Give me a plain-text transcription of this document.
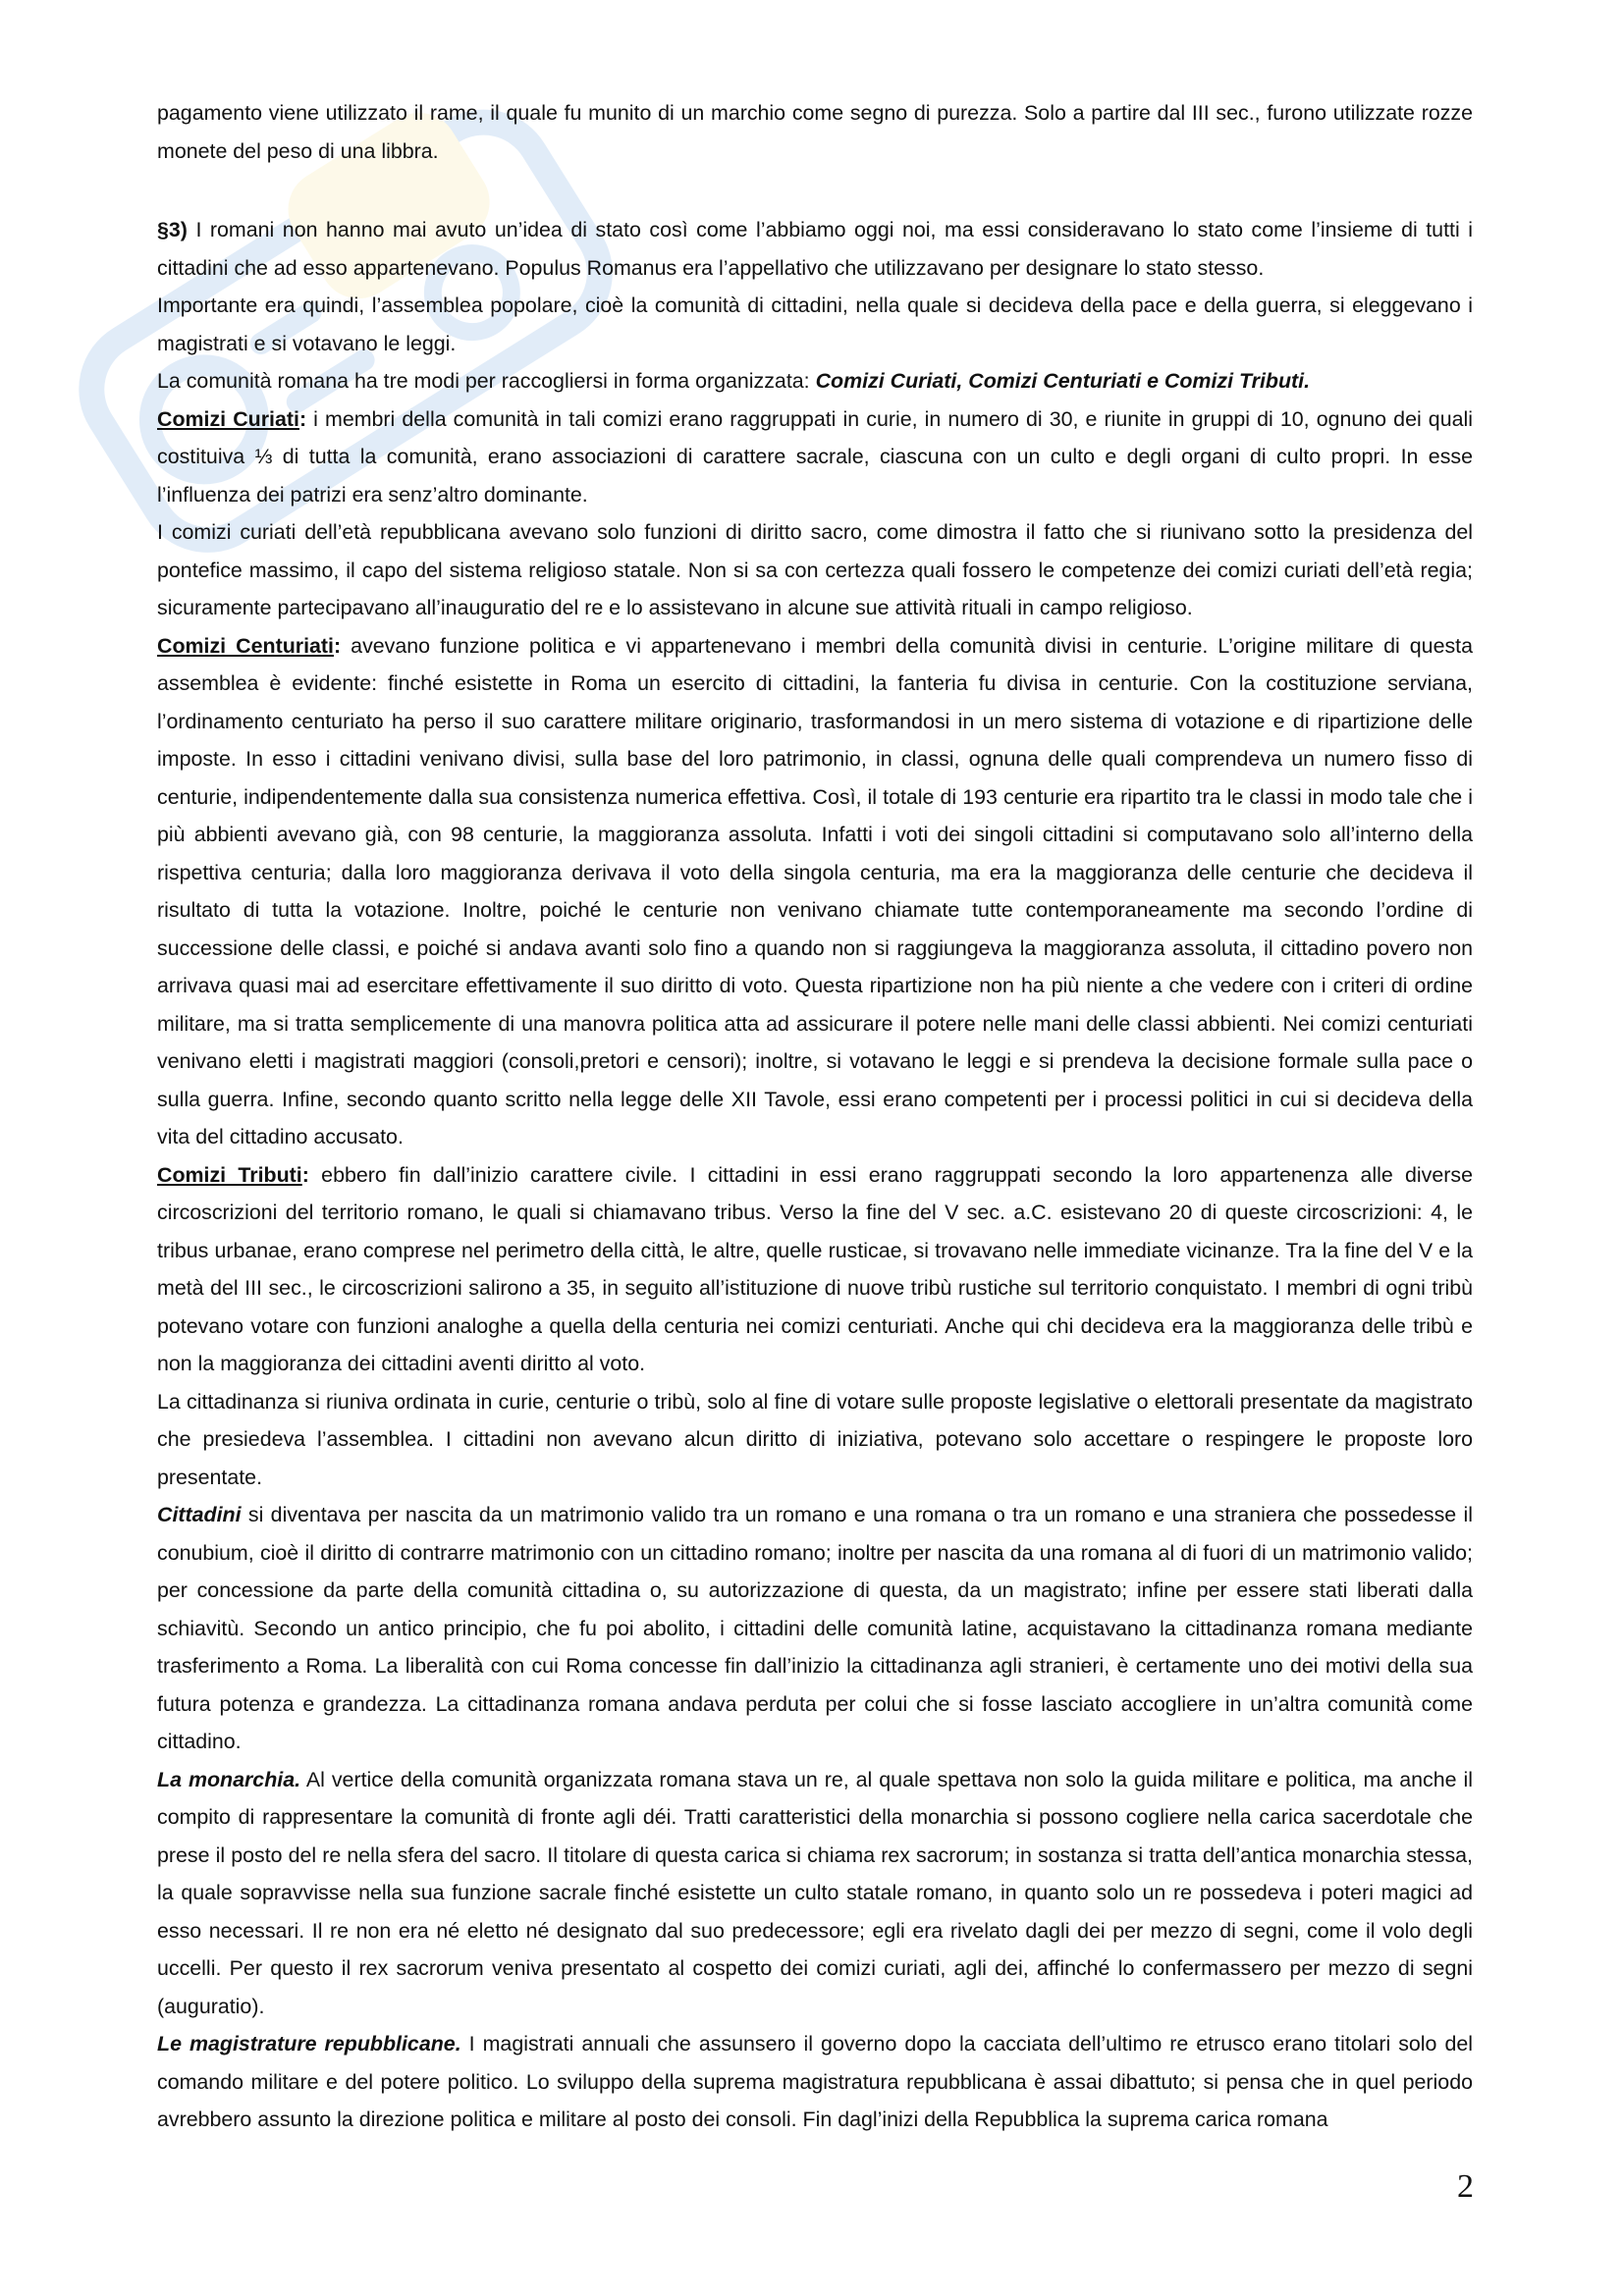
pagamento viene utilizzato il rame, il quale fu munito di un marchio come segno di purezza. Solo a partire dal III sec., furono utilizzate rozze monete del peso di una libbra.

§3) I romani non hanno mai avuto un’idea di stato così come l’abbiamo oggi noi, ma essi consideravano lo stato come l’insieme di tutti i cittadini che ad esso appartenevano. Populus Romanus era l’appellativo che utilizzavano per designare lo stato stesso.

Importante era quindi, l’assemblea popolare, cioè la comunità di cittadini, nella quale si decideva della pace e della guerra, si eleggevano i magistrati e si votavano le leggi.

La comunità romana ha tre modi per raccogliersi in forma organizzata: Comizi Curiati, Comizi Centuriati e Comizi Tributi.

Comizi Curiati: i membri della comunità in tali comizi erano raggruppati in curie, in numero di 30, e riunite in gruppi di 10, ognuno dei quali costituiva ⅓ di tutta la comunità, erano associazioni di carattere sacrale, ciascuna con un culto e degli organi di culto propri. In esse l’influenza dei patrizi era senz’altro dominante.

I comizi curiati dell’età repubblicana avevano solo funzioni di diritto sacro, come dimostra il fatto che si riunivano sotto la presidenza del pontefice massimo, il capo del sistema religioso statale. Non si sa con certezza quali fossero le competenze dei comizi curiati dell’età regia; sicuramente partecipavano all’inauguratio del re e lo assistevano in alcune sue attività rituali in campo religioso.

Comizi Centuriati: avevano funzione politica e vi appartenevano i membri della comunità divisi in centurie. L’origine militare di questa assemblea è evidente: finché esistette in Roma un esercito di cittadini, la fanteria fu divisa in centurie. Con la costituzione serviana, l’ordinamento centuriato ha perso il suo carattere militare originario, trasformandosi in un mero sistema di votazione e di ripartizione delle imposte. In esso i cittadini venivano divisi, sulla base del loro patrimonio, in classi, ognuna delle quali comprendeva un numero fisso di centurie, indipendentemente dalla sua consistenza numerica effettiva. Così, il totale di 193 centurie era ripartito tra le classi in modo tale che i più abbienti avevano già, con 98 centurie, la maggioranza assoluta. Infatti i voti dei singoli cittadini si computavano solo all’interno della rispettiva centuria; dalla loro maggioranza derivava il voto della singola centuria, ma era la maggioranza delle centurie che decideva il risultato di tutta la votazione. Inoltre, poiché le centurie non venivano chiamate tutte contemporaneamente ma secondo l’ordine di successione delle classi, e poiché si andava avanti solo fino a quando non si raggiungeva la maggioranza assoluta, il cittadino povero non arrivava quasi mai ad esercitare effettivamente il suo diritto di voto. Questa ripartizione non ha più niente a che vedere con i criteri di ordine militare, ma si tratta semplicemente di una manovra politica atta ad assicurare il potere nelle mani delle classi abbienti. Nei comizi centuriati venivano eletti i magistrati maggiori (consoli,pretori e censori); inoltre, si votavano le leggi e si prendeva la decisione formale sulla pace o sulla guerra. Infine, secondo quanto scritto nella legge delle XII Tavole, essi erano competenti per i processi politici in cui si decideva della vita del cittadino accusato.

Comizi Tributi: ebbero fin dall’inizio carattere civile. I cittadini in essi erano raggruppati secondo la loro appartenenza alle diverse circoscrizioni del territorio romano, le quali si chiamavano tribus. Verso la fine del V sec. a.C. esistevano 20 di queste circoscrizioni: 4, le tribus urbanae, erano comprese nel perimetro della città, le altre, quelle rusticae, si trovavano nelle immediate vicinanze. Tra la fine del V e la metà del III sec., le circoscrizioni salirono a 35, in seguito all’istituzione di nuove tribù rustiche sul territorio conquistato. I membri di ogni tribù potevano votare con funzioni analoghe a quella della centuria nei comizi centuriati. Anche qui chi decideva era la maggioranza delle tribù e non la maggioranza dei cittadini aventi diritto al voto.

La cittadinanza si riuniva ordinata in curie, centurie o tribù, solo al fine di votare sulle proposte legislative o elettorali presentate da magistrato che presiedeva l’assemblea. I cittadini non avevano alcun diritto di iniziativa, potevano solo accettare o respingere le proposte loro presentate.

Cittadini si diventava per nascita da un matrimonio valido tra un romano e una romana o tra un romano e una straniera che possedesse il conubium, cioè il diritto di contrarre matrimonio con un cittadino romano; inoltre per nascita da una romana al di fuori di un matrimonio valido; per concessione da parte della comunità cittadina o, su autorizzazione di questa, da un magistrato; infine per essere stati liberati dalla schiavitù. Secondo un antico principio, che fu poi abolito, i cittadini delle comunità latine, acquistavano la cittadinanza romana mediante trasferimento a Roma. La liberalità con cui Roma concesse fin dall’inizio la cittadinanza agli stranieri, è certamente uno dei motivi della sua futura potenza e grandezza. La cittadinanza romana andava perduta per colui che si fosse lasciato accogliere in un’altra comunità come cittadino.

La monarchia. Al vertice della comunità organizzata romana stava un re, al quale spettava non solo la guida militare e politica, ma anche il compito di rappresentare la comunità di fronte agli déi. Tratti caratteristici della monarchia si possono cogliere nella carica sacerdotale che prese il posto del re nella sfera del sacro. Il titolare di questa carica si chiama rex sacrorum; in sostanza si tratta dell’antica monarchia stessa, la quale sopravvisse nella sua funzione sacrale finché esistette un culto statale romano, in quanto solo un re possedeva i poteri magici ad esso necessari. Il re non era né eletto né designato dal suo predecessore; egli era rivelato dagli dei per mezzo di segni, come il volo degli uccelli. Per questo il rex sacrorum veniva presentato al cospetto dei comizi curiati, agli dei, affinché lo confermassero per mezzo di segni (auguratio).

Le magistrature repubblicane. I magistrati annuali che assunsero il governo dopo la cacciata dell’ultimo re etrusco erano titolari solo del comando militare e del potere politico. Lo sviluppo della suprema magistratura repubblicana è assai dibattuto; si pensa che in quel periodo avrebbero assunto la direzione politica e militare al posto dei consoli. Fin dagl’inizi della Repubblica la suprema carica romana

2
